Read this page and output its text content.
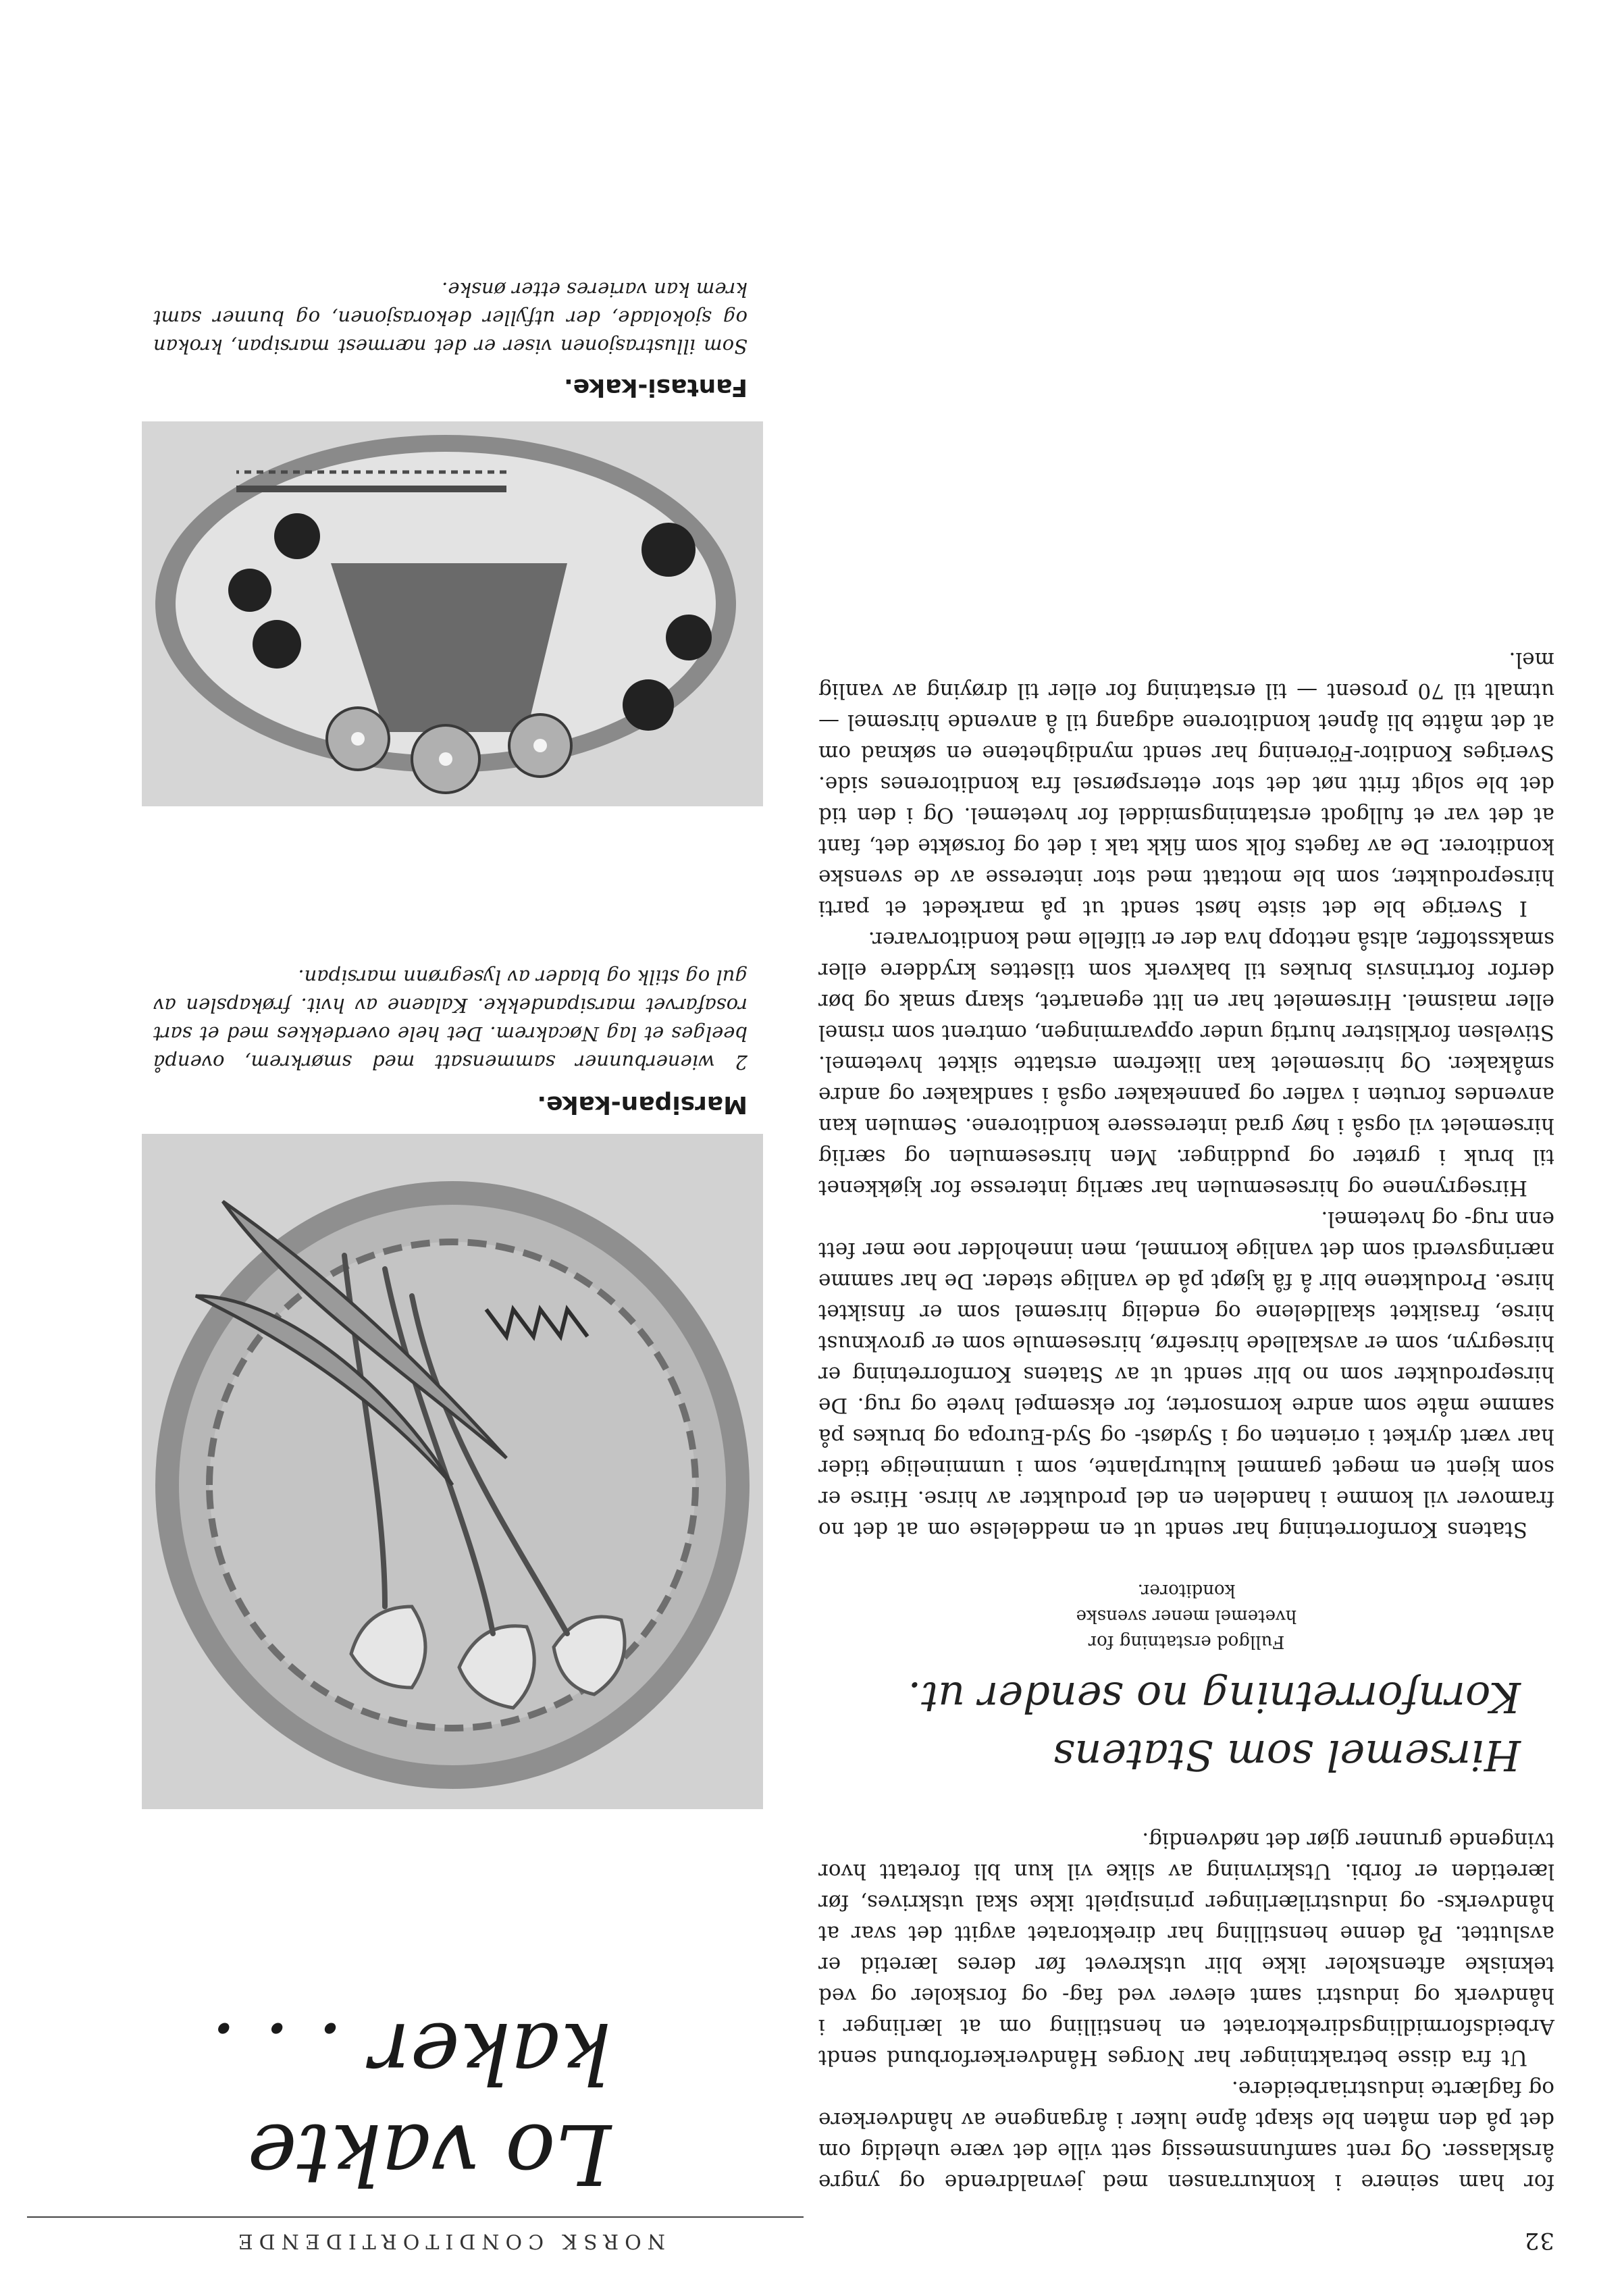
32
NORSK CONDITORTIDENDE

for ham seinere i konkurransen med jevnaldrende og yngre årsklasser. Og rent samfunnsmessig sett ville det være uheldig om det på den måten ble skapt åpne luker i årgangene av håndverkere og faglærte industriarbeidere.

Ut fra disse betraktninger har Norges Håndverkerforbund sendt Arbeidsformidlingsdirektoratet en henstilling om at lærlinger i håndverk og industri samt elever ved fag- og forskoler og ved tekniske aftenskoler ikke blir utskrevet før deres læretid er avsluttet. På denne henstilling har direktoratet avgitt det svar at håndverks- og industrilærlinger prinsipielt ikke skal utskrives, før læretiden er forbi. Utskrivning av slike vil kun bli foretatt hvor tvingende grunner gjør det nødvendig.

Hirsemel som Statens Kornforretning no sender ut.
Fullgod erstatning for hvetemel mener svenske konditorer.

Statens Kornforretning har sendt ut en meddelelse om at det no framover vil komme i handelen en del produkter av hirse. Hirse er som kjent en meget gammel kulturplante, som i umminelige tider har vært dyrket i orienten og i Sydøst- og Syd-Europa og brukes på samme måte som andre kornsorter, for eksempel hvete og rug. De hirseprodukter som no blir sendt ut av Statens Kornforretning er hirsegryn, som er avskallede hirsefrø, hirsesemule som er grovknust hirse, frasiktet skalldelene og endelig hirsemel som er finsiktet hirse. Produktene blir å få kjøpt på de vanlige steder. De har samme næringsverdi som det vanlige kornmel, men inneholder noe mer fett enn rug- og hvetemel.

Hirsegrynene og hirsesemulen har særlig interesse for kjøkkenet til bruk i grøter og puddinger. Men hirsesemulen og særlig hirsemelet vil også i høy grad interessere konditorene. Semulen kan anvendes foruten i vafler og pannekaker også i sandkaker og andre småkaker. Og hirsemelet kan likefrem erstatte siktet hvetemel. Stivelsen forklistrer hurtig under oppvarmingen, omtrent som rismel eller maismel. Hirsemelet har en litt egenartet, skarp smak og bør derfor fortrinsvis brukes til bakverk som tilsettes kryddere eller smaksstoffer, altså nettopp hva der er tilfelle med konditorvarer.

I Sverige ble det siste høst sendt ut på markedet et parti hirseprodukter, som ble mottatt med stor interesse av de svenske konditorer. De av fagets folk som fikk tak i det og forsøkte det, fant at det var et fullgodt erstatningsmiddel for hvetemel. Og i den tid det ble solgt fritt nøt det stor etterspørsel fra konditorenes side. Sveriges Konditor-Förening har sendt myndighetene en søknad om at det måtte bli åpnet konditorene adgang til å anvende hirsemel — utmalt til 70 prosent — til erstatning for eller til drøying av vanlig mel.

Lo vakte kaker . . .
Marsipan-kake.
2 wienerbunner sammensatt med smørkrem, ovenpå beelges et lag Nøcakrem. Det hele overdekkes med et sart rosafarvet marsipandekke. Kalaene av hvit. frøkapslen av gul og stilk og blader av lysegrønn marsipan.
Fantasi-kake.
Som illustrasjonen viser er det nærmest marsipan, krokan og sjokolade, der utfyller dekorasjonen, og bunner samt krem kan varieres etter ønske.
